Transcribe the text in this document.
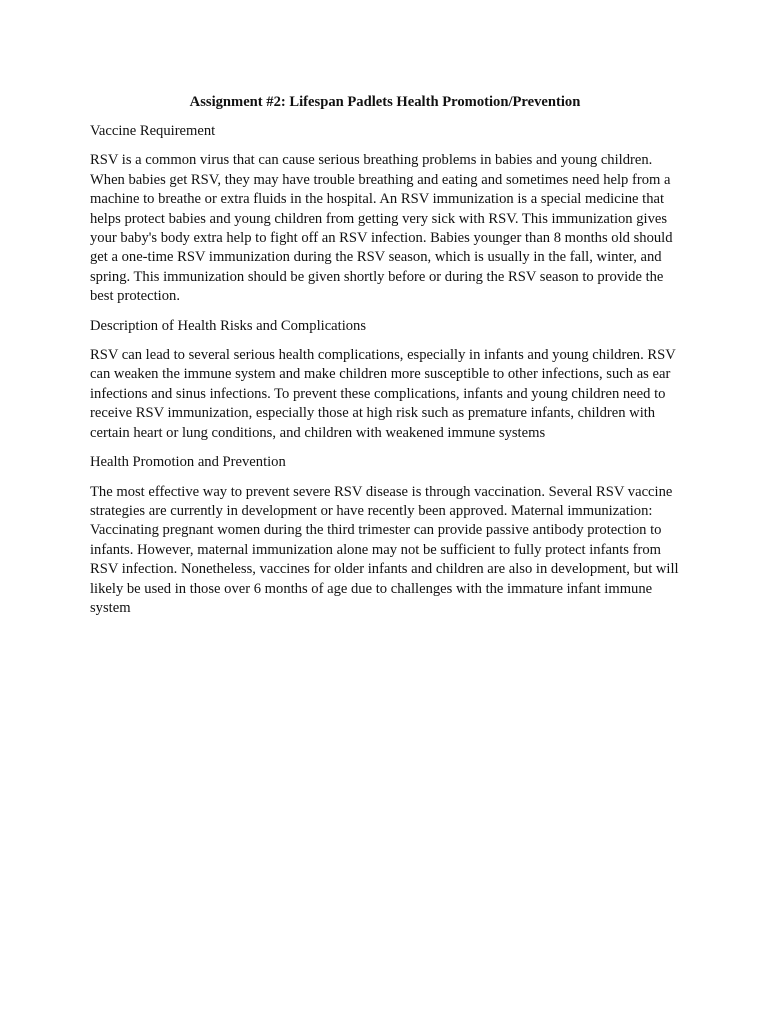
Assignment #2: Lifespan Padlets Health Promotion/Prevention

Vaccine Requirement

RSV is a common virus that can cause serious breathing problems in babies and young children. When babies get RSV, they may have trouble breathing and eating and sometimes need help from a machine to breathe or extra fluids in the hospital. An RSV immunization is a special medicine that helps protect babies and young children from getting very sick with RSV. This immunization gives your baby's body extra help to fight off an RSV infection. Babies younger than 8 months old should get a one-time RSV immunization during the RSV season, which is usually in the fall, winter, and spring. This immunization should be given shortly before or during the RSV season to provide the best protection.

Description of Health Risks and Complications

RSV can lead to several serious health complications, especially in infants and young children. RSV can weaken the immune system and make children more susceptible to other infections, such as ear infections and sinus infections. To prevent these complications, infants and young children need to receive RSV immunization, especially those at high risk such as premature infants, children with certain heart or lung conditions, and children with weakened immune systems

Health Promotion and Prevention

The most effective way to prevent severe RSV disease is through vaccination. Several RSV vaccine strategies are currently in development or have recently been approved. Maternal immunization: Vaccinating pregnant women during the third trimester can provide passive antibody protection to infants. However, maternal immunization alone may not be sufficient to fully protect infants from RSV infection. Nonetheless, vaccines for older infants and children are also in development, but will likely be used in those over 6 months of age due to challenges with the immature infant immune system
